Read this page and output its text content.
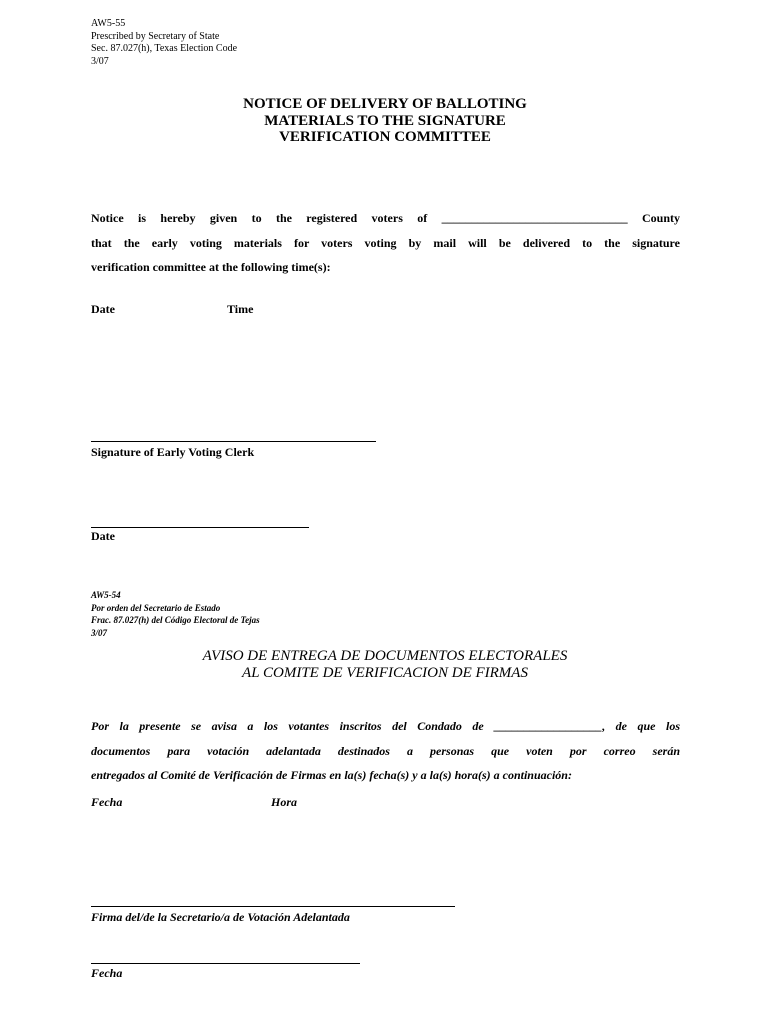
AW5-55
Prescribed by Secretary of State
Sec. 87.027(h), Texas Election Code
3/07
NOTICE OF DELIVERY OF BALLOTING
MATERIALS TO THE SIGNATURE
VERIFICATION COMMITTEE
Notice is hereby given to the registered voters of _______________________________ County
that the early voting materials for voters voting by mail will be delivered to the signature
verification committee at the following time(s):
Date	Time
Signature of Early Voting Clerk
Date
AW5-54
Por orden del Secretario de Estado
Frac. 87.027(h) del Código Electoral de Tejas
3/07
AVISO DE ENTREGA DE DOCUMENTOS ELECTORALES
AL COMITE DE VERIFICACION DE FIRMAS
Por la presente se avisa a los votantes inscritos del Condado de __________________, de que los
documentos para votación adelantada destinados a personas que voten por correo serán
entregados al Comité de Verificación de Firmas en la(s) fecha(s) y a la(s) hora(s) a continuación:
Fecha	Hora
Firma del/de la Secretario/a de Votación Adelantada
Fecha
